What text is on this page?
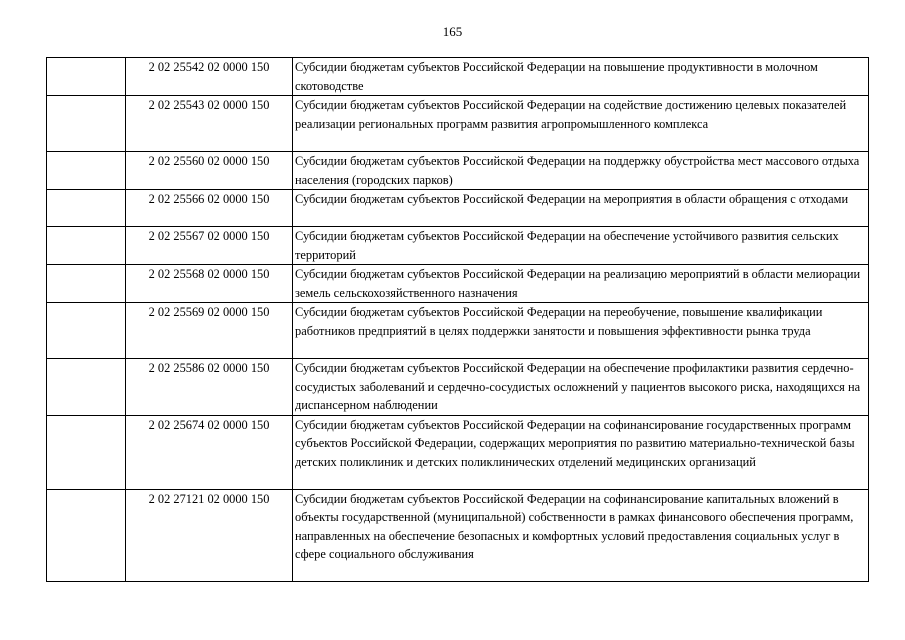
165
	2 02 25542 02 0000 150	Субсидии бюджетам субъектов Российской Федерации на повышение продуктивности в молочном скотоводстве
	2 02 25543 02 0000 150	Субсидии бюджетам субъектов Российской Федерации на содействие достижению целевых показателей реализации региональных программ развития агропромышленного комплекса
	2 02 25560 02 0000 150	Субсидии бюджетам субъектов Российской Федерации на поддержку обустройства мест массового отдыха населения (городских парков)
	2 02 25566 02 0000 150	Субсидии бюджетам субъектов Российской Федерации на мероприятия в области обращения с отходами
	2 02 25567 02 0000 150	Субсидии бюджетам субъектов Российской Федерации на обеспечение устойчивого развития сельских территорий
	2 02 25568 02 0000 150	Субсидии бюджетам субъектов Российской Федерации на реализацию мероприятий в области мелиорации земель сельскохозяйственного назначения
	2 02 25569 02 0000 150	Субсидии бюджетам субъектов Российской Федерации на переобучение, повышение квалификации работников предприятий в целях поддержки занятости и повышения эффективности рынка труда
	2 02 25586 02 0000 150	Субсидии бюджетам субъектов Российской Федерации на обеспечение профилактики развития сердечно-сосудистых заболеваний и сердечно-сосудистых осложнений у пациентов высокого риска, находящихся на диспансерном наблюдении
	2 02 25674 02 0000 150	Субсидии бюджетам субъектов Российской Федерации на софинансирование государственных программ субъектов Российской Федерации, содержащих мероприятия по развитию материально-технической базы детских поликлиник и детских поликлинических отделений медицинских организаций
	2 02 27121 02 0000 150	Субсидии бюджетам субъектов Российской Федерации на софинансирование капитальных вложений в объекты государственной (муниципальной) собственности в рамках финансового обеспечения программ, направленных на обеспечение безопасных и комфортных условий предоставления социальных услуг в сфере социального обслуживания
